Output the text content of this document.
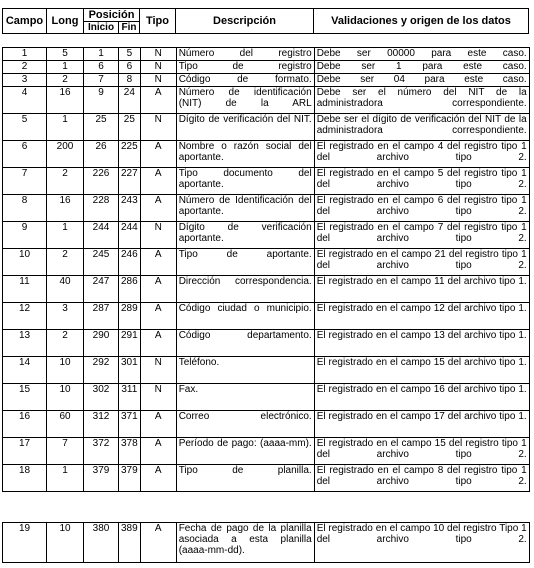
Campo	Long	Posición		Tipo	Descripción	Validaciones y origen de los datos
		Inicio	Fin			
1	5	1	5	N	Número del registro	Debe ser 00000 para este caso.
2	1	6	6	N	Tipo de registro	Debe ser 1 para este caso.
3	2	7	8	N	Código de formato.	Debe ser 04 para este caso.
4	16	9	24	A	Número de identificación (NIT) de la ARL	Debe ser el número del NIT de la administradora correspondiente.
5	1	25	25	N	Dígito de verificación del NIT.	Debe ser el dígito de verificación del NIT de la administradora correspondiente.
6	200	26	225	A	Nombre o razón social del aportante.	El registrado en el campo 4 del registro tipo 1 del archivo tipo 2.
7	2	226	227	A	Tipo documento del aportante.	El registrado en el campo 5 del registro tipo 1 del archivo tipo 2.
8	16	228	243	A	Número de Identificación del aportante.	El registrado en el campo 6 del registro tipo 1 del archivo tipo 2.
9	1	244	244	N	Dígito de verificación aportante.	El registrado en el campo 7 del registro tipo 1 del archivo tipo 2.
10	2	245	246	A	Tipo de aportante.	El registrado en el campo 21 del registro tipo 1 del archivo tipo 2.
11	40	247	286	A	Dirección correspondencia.	El registrado en el campo 11 del archivo tipo 1.
12	3	287	289	A	Código ciudad o municipio.	El registrado en el campo 12 del archivo tipo 1.
13	2	290	291	A	Código departamento.	El registrado en el campo 13 del archivo tipo 1.
14	10	292	301	N	Teléfono.	El registrado en el campo 15 del archivo tipo 1.
15	10	302	311	N	Fax.	El registrado en el campo 16 del archivo tipo 1.
16	60	312	371	A	Correo electrónico.	El registrado en el campo 17 del archivo tipo 1.
17	7	372	378	A	Período de pago: (aaaa-mm).	El registrado en el campo 15 del registro tipo 1 del archivo tipo 2.
18	1	379	379	A	Tipo de planilla.	El registrado en el campo 8 del registro tipo 1 del archivo tipo 2.
19	10	380	389	A	Fecha de pago de la planilla asociada a esta planilla (aaaa-mm-dd).	El registrado en el campo 10 del registro Tipo 1 del archivo tipo 2.
